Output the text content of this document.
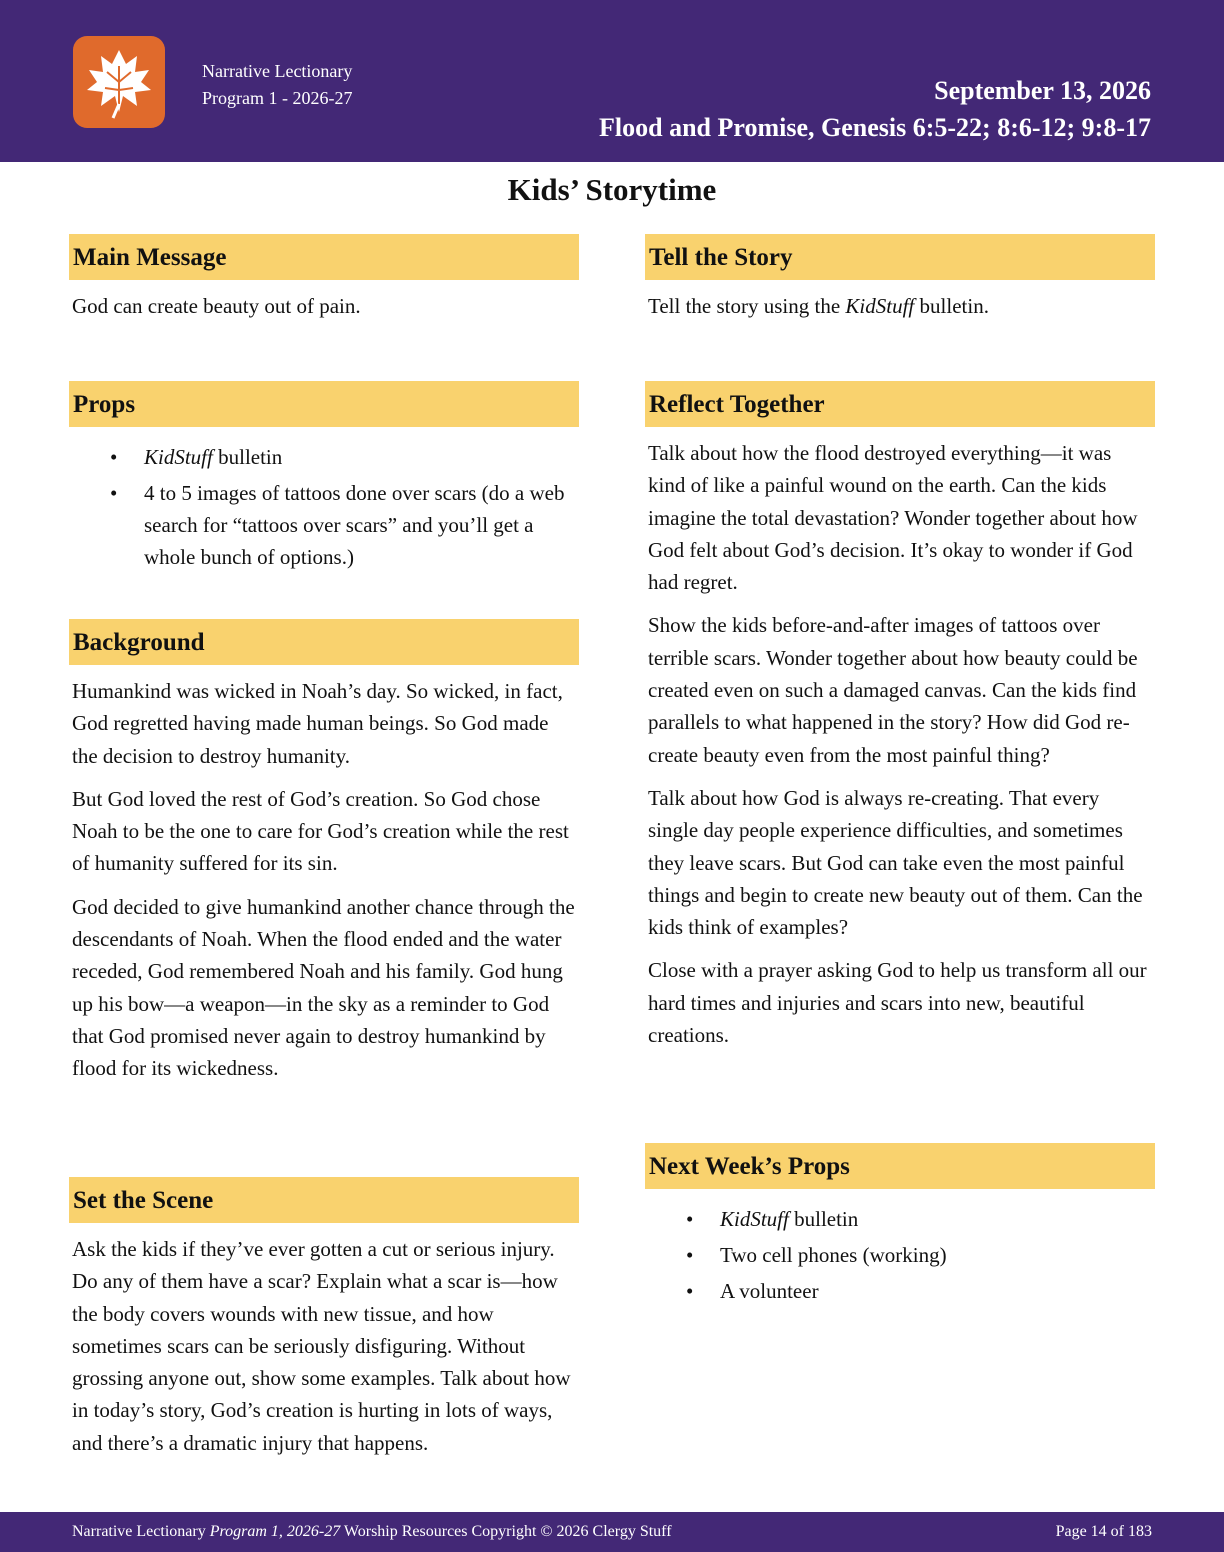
Narrative Lectionary
Program 1 - 2026-27	September 13, 2026
Flood and Promise, Genesis 6:5-22; 8:6-12; 9:8-17
Kids’ Storytime
Main Message

God can create beauty out of pain.

Props
• KidStuff bulletin
• 4 to 5 images of tattoos done over scars (do a web search for “tattoos over scars” and you’ll get a whole bunch of options.)
Background

Humankind was wicked in Noah’s day. So wicked, in fact, God regretted having made human beings. So God made the decision to destroy humanity.

But God loved the rest of God’s creation. So God chose Noah to be the one to care for God’s creation while the rest of humanity suffered for its sin.

God decided to give humankind another chance through the descendants of Noah. When the flood ended and the water receded, God remembered Noah and his family. God hung up his bow—a weapon—in the sky as a reminder to God that God promised never again to destroy humankind by flood for its wickedness.

Set the Scene

Ask the kids if they’ve ever gotten a cut or serious injury. Do any of them have a scar? Explain what a scar is—how the body covers wounds with new tissue, and how sometimes scars can be seriously disfiguring. Without grossing anyone out, show some examples. Talk about how in today’s story, God’s creation is hurting in lots of ways, and there’s a dramatic injury that happens.

Tell the Story

Tell the story using the KidStuff bulletin.

Reflect Together

Talk about how the flood destroyed everything—it was kind of like a painful wound on the earth. Can the kids imagine the total devastation? Wonder together about how God felt about God’s decision. It’s okay to wonder if God had regret.

Show the kids before-and-after images of tattoos over terrible scars. Wonder together about how beauty could be created even on such a damaged canvas. Can the kids find parallels to what happened in the story? How did God re-create beauty even from the most painful thing?

Talk about how God is always re-creating. That every single day people experience difficulties, and sometimes they leave scars. But God can take even the most painful things and begin to create new beauty out of them. Can the kids think of examples?

Close with a prayer asking God to help us transform all our hard times and injuries and scars into new, beautiful creations.

Next Week’s Props
• KidStuff bulletin
• Two cell phones (working)
• A volunteer
Narrative Lectionary Program 1, 2026-27 Worship Resources Copyright © 2026 Clergy Stuff	Page 14 of 183
